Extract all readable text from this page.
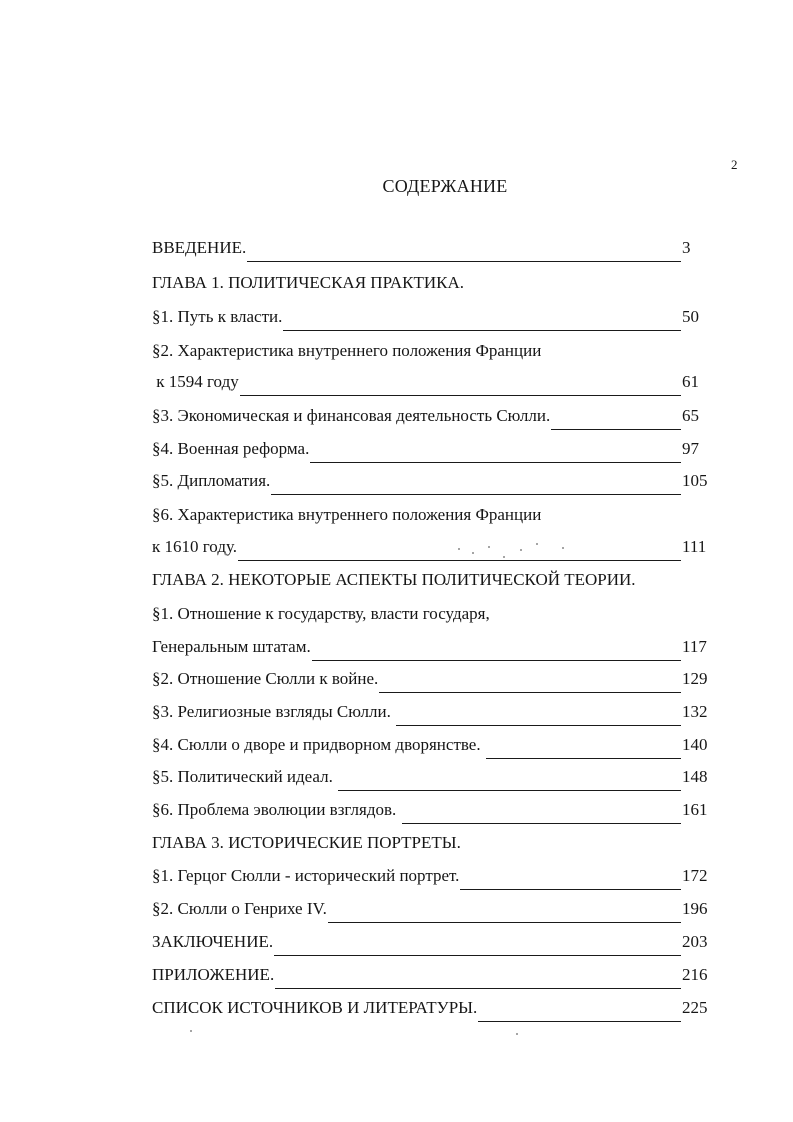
2
СОДЕРЖАНИЕ
ВВЕДЕНИЕ.	3
ГЛАВА 1. ПОЛИТИЧЕСКАЯ ПРАКТИКА.
§1. Путь к власти.	50
§2. Характеристика внутреннего положения Франции
к 1594 году	61
§3. Экономическая и финансовая деятельность Сюлли.	65
§4. Военная реформа.	97
§5. Дипломатия.	105
§6. Характеристика внутреннего положения Франции
к 1610 году.	111
ГЛАВА 2. НЕКОТОРЫЕ АСПЕКТЫ ПОЛИТИЧЕСКОЙ ТЕОРИИ.
§1. Отношение к государству, власти государя,
Генеральным штатам.	117
§2. Отношение Сюлли к войне.	129
§3. Религиозные взгляды Сюлли.	132
§4. Сюлли о дворе и придворном дворянстве.	140
§5. Политический идеал.	148
§6. Проблема эволюции взглядов.	161
ГЛАВА 3. ИСТОРИЧЕСКИЕ ПОРТРЕТЫ.
§1. Герцог Сюлли - исторический портрет.	172
§2. Сюлли о Генрихе IV.	196
ЗАКЛЮЧЕНИЕ.	203
ПРИЛОЖЕНИЕ.	216
СПИСОК ИСТОЧНИКОВ И ЛИТЕРАТУРЫ.	225
